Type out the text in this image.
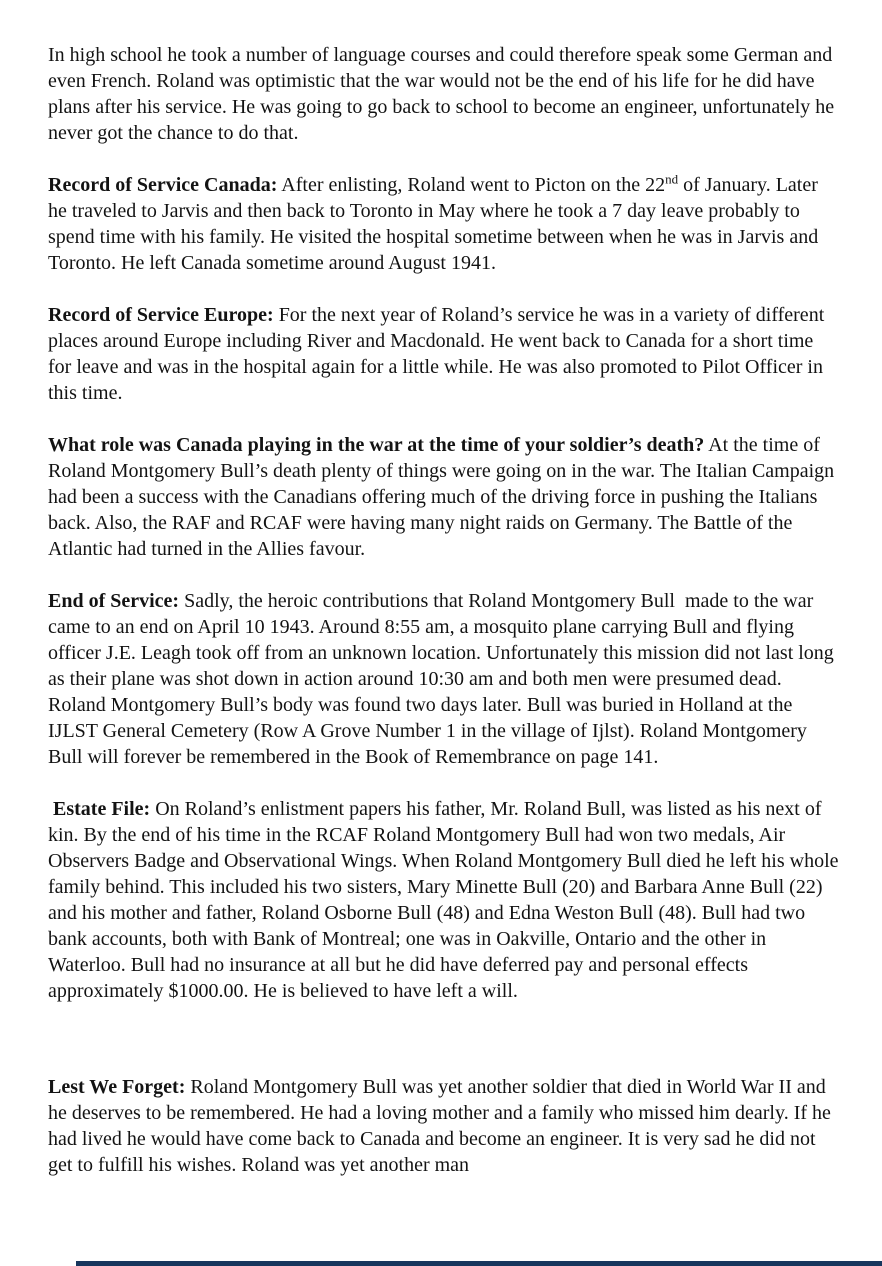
In high school he took a number of language courses and could therefore speak some German and even French. Roland was optimistic that the war would not be the end of his life for he did have plans after his service. He was going to go back to school to become an engineer, unfortunately he never got the chance to do that.

Record of Service Canada: After enlisting, Roland went to Picton on the 22nd of January. Later he traveled to Jarvis and then back to Toronto in May where he took a 7 day leave probably to spend time with his family. He visited the hospital sometime between when he was in Jarvis and Toronto. He left Canada sometime around August 1941.

Record of Service Europe: For the next year of Roland’s service he was in a variety of different places around Europe including River and Macdonald. He went back to Canada for a short time for leave and was in the hospital again for a little while. He was also promoted to Pilot Officer in this time.

What role was Canada playing in the war at the time of your soldier’s death? At the time of Roland Montgomery Bull’s death plenty of things were going on in the war. The Italian Campaign had been a success with the Canadians offering much of the driving force in pushing the Italians back. Also, the RAF and RCAF were having many night raids on Germany. The Battle of the Atlantic had turned in the Allies favour.

End of Service: Sadly, the heroic contributions that Roland Montgomery Bull  made to the war came to an end on April 10 1943. Around 8:55 am, a mosquito plane carrying Bull and flying officer J.E. Leagh took off from an unknown location. Unfortunately this mission did not last long as their plane was shot down in action around 10:30 am and both men were presumed dead. Roland Montgomery Bull’s body was found two days later. Bull was buried in Holland at the IJLST General Cemetery (Row A Grove Number 1 in the village of Ijlst). Roland Montgomery Bull will forever be remembered in the Book of Remembrance on page 141.

Estate File: On Roland’s enlistment papers his father, Mr. Roland Bull, was listed as his next of kin. By the end of his time in the RCAF Roland Montgomery Bull had won two medals, Air Observers Badge and Observational Wings. When Roland Montgomery Bull died he left his whole family behind. This included his two sisters, Mary Minette Bull (20) and Barbara Anne Bull (22) and his mother and father, Roland Osborne Bull (48) and Edna Weston Bull (48). Bull had two bank accounts, both with Bank of Montreal; one was in Oakville, Ontario and the other in Waterloo. Bull had no insurance at all but he did have deferred pay and personal effects approximately $1000.00. He is believed to have left a will.

Lest We Forget: Roland Montgomery Bull was yet another soldier that died in World War II and he deserves to be remembered. He had a loving mother and a family who missed him dearly. If he had lived he would have come back to Canada and become an engineer. It is very sad he did not get to fulfill his wishes. Roland was yet another man
